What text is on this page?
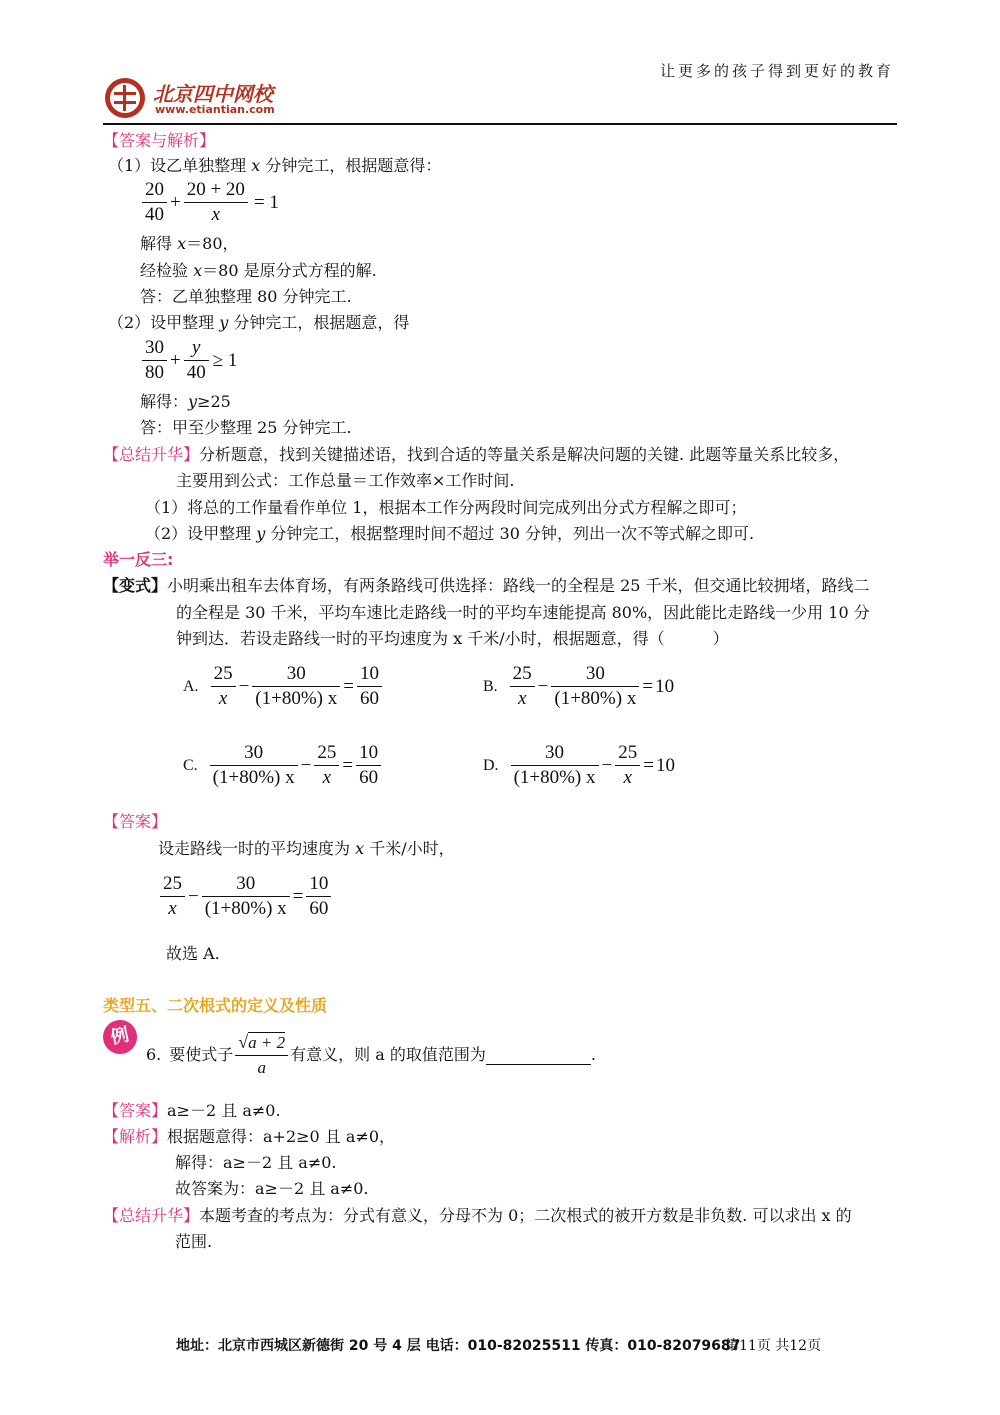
让更多的孩子得到更好的教育
北京四中网校
www.etiantian.com
【答案与解析】
（1）设乙单独整理 x 分钟完工，根据题意得：
$\frac{20}{40} + \frac{20 + 20}{x} = 1$
解得 x＝80，
经检验 x＝80 是原分式方程的解.
答：乙单独整理 80 分钟完工.
（2）设甲整理 y 分钟完工，根据题意，得
$\frac{30}{80} + \frac{y}{40} \ge 1$
解得：y≥25
答：甲至少整理 25 分钟完工.
【总结升华】分析题意，找到关键描述语，找到合适的等量关系是解决问题的关键. 此题等量关系比较多，
主要用到公式：工作总量＝工作效率×工作时间.
（1）将总的工作量看作单位 1，根据本工作分两段时间完成列出分式方程解之即可；
（2）设甲整理 y 分钟完工，根据整理时间不超过 30 分钟，列出一次不等式解之即可.
举一反三:
【变式】小明乘出租车去体育场，有两条路线可供选择：路线一的全程是 25 千米，但交通比较拥堵，路线二
的全程是 30 千米，平均车速比走路线一时的平均车速能提高 80%，因此能比走路线一少用 10 分
钟到达．若设走路线一时的平均速度为 x 千米/小时，根据题意，得（　　　）
A. $\frac{25}{x} - \frac{30}{(1+80\%) x} = \frac{10}{60}$	B. $\frac{25}{x} - \frac{30}{(1+80\%) x} = 10$
C. $\frac{30}{(1+80\%) x} - \frac{25}{x} = \frac{10}{60}$	D. $\frac{30}{(1+80\%) x} - \frac{25}{x} = 10$
【答案】
设走路线一时的平均速度为 x 千米/小时，
$\frac{25}{x} - \frac{30}{(1+80\%) x} = \frac{10}{60}$
故选 A.
类型五、二次根式的定义及性质
例
6. 要使式子 $\frac{√a + 2}{a}$ 有意义，则 a 的取值范围为	.
【答案】a≥－2 且 a≠0.
【解析】根据题意得：a+2≥0 且 a≠0，
解得：a≥－2 且 a≠0.
故答案为：a≥－2 且 a≠0.
【总结升华】本题考查的考点为：分式有意义，分母不为 0；二次根式的被开方数是非负数. 可以求出 x 的
范围.
地址：北京市西城区新德街 20 号 4 层 电话：010-82025511 传真：010-82079687
第11页 共12页
